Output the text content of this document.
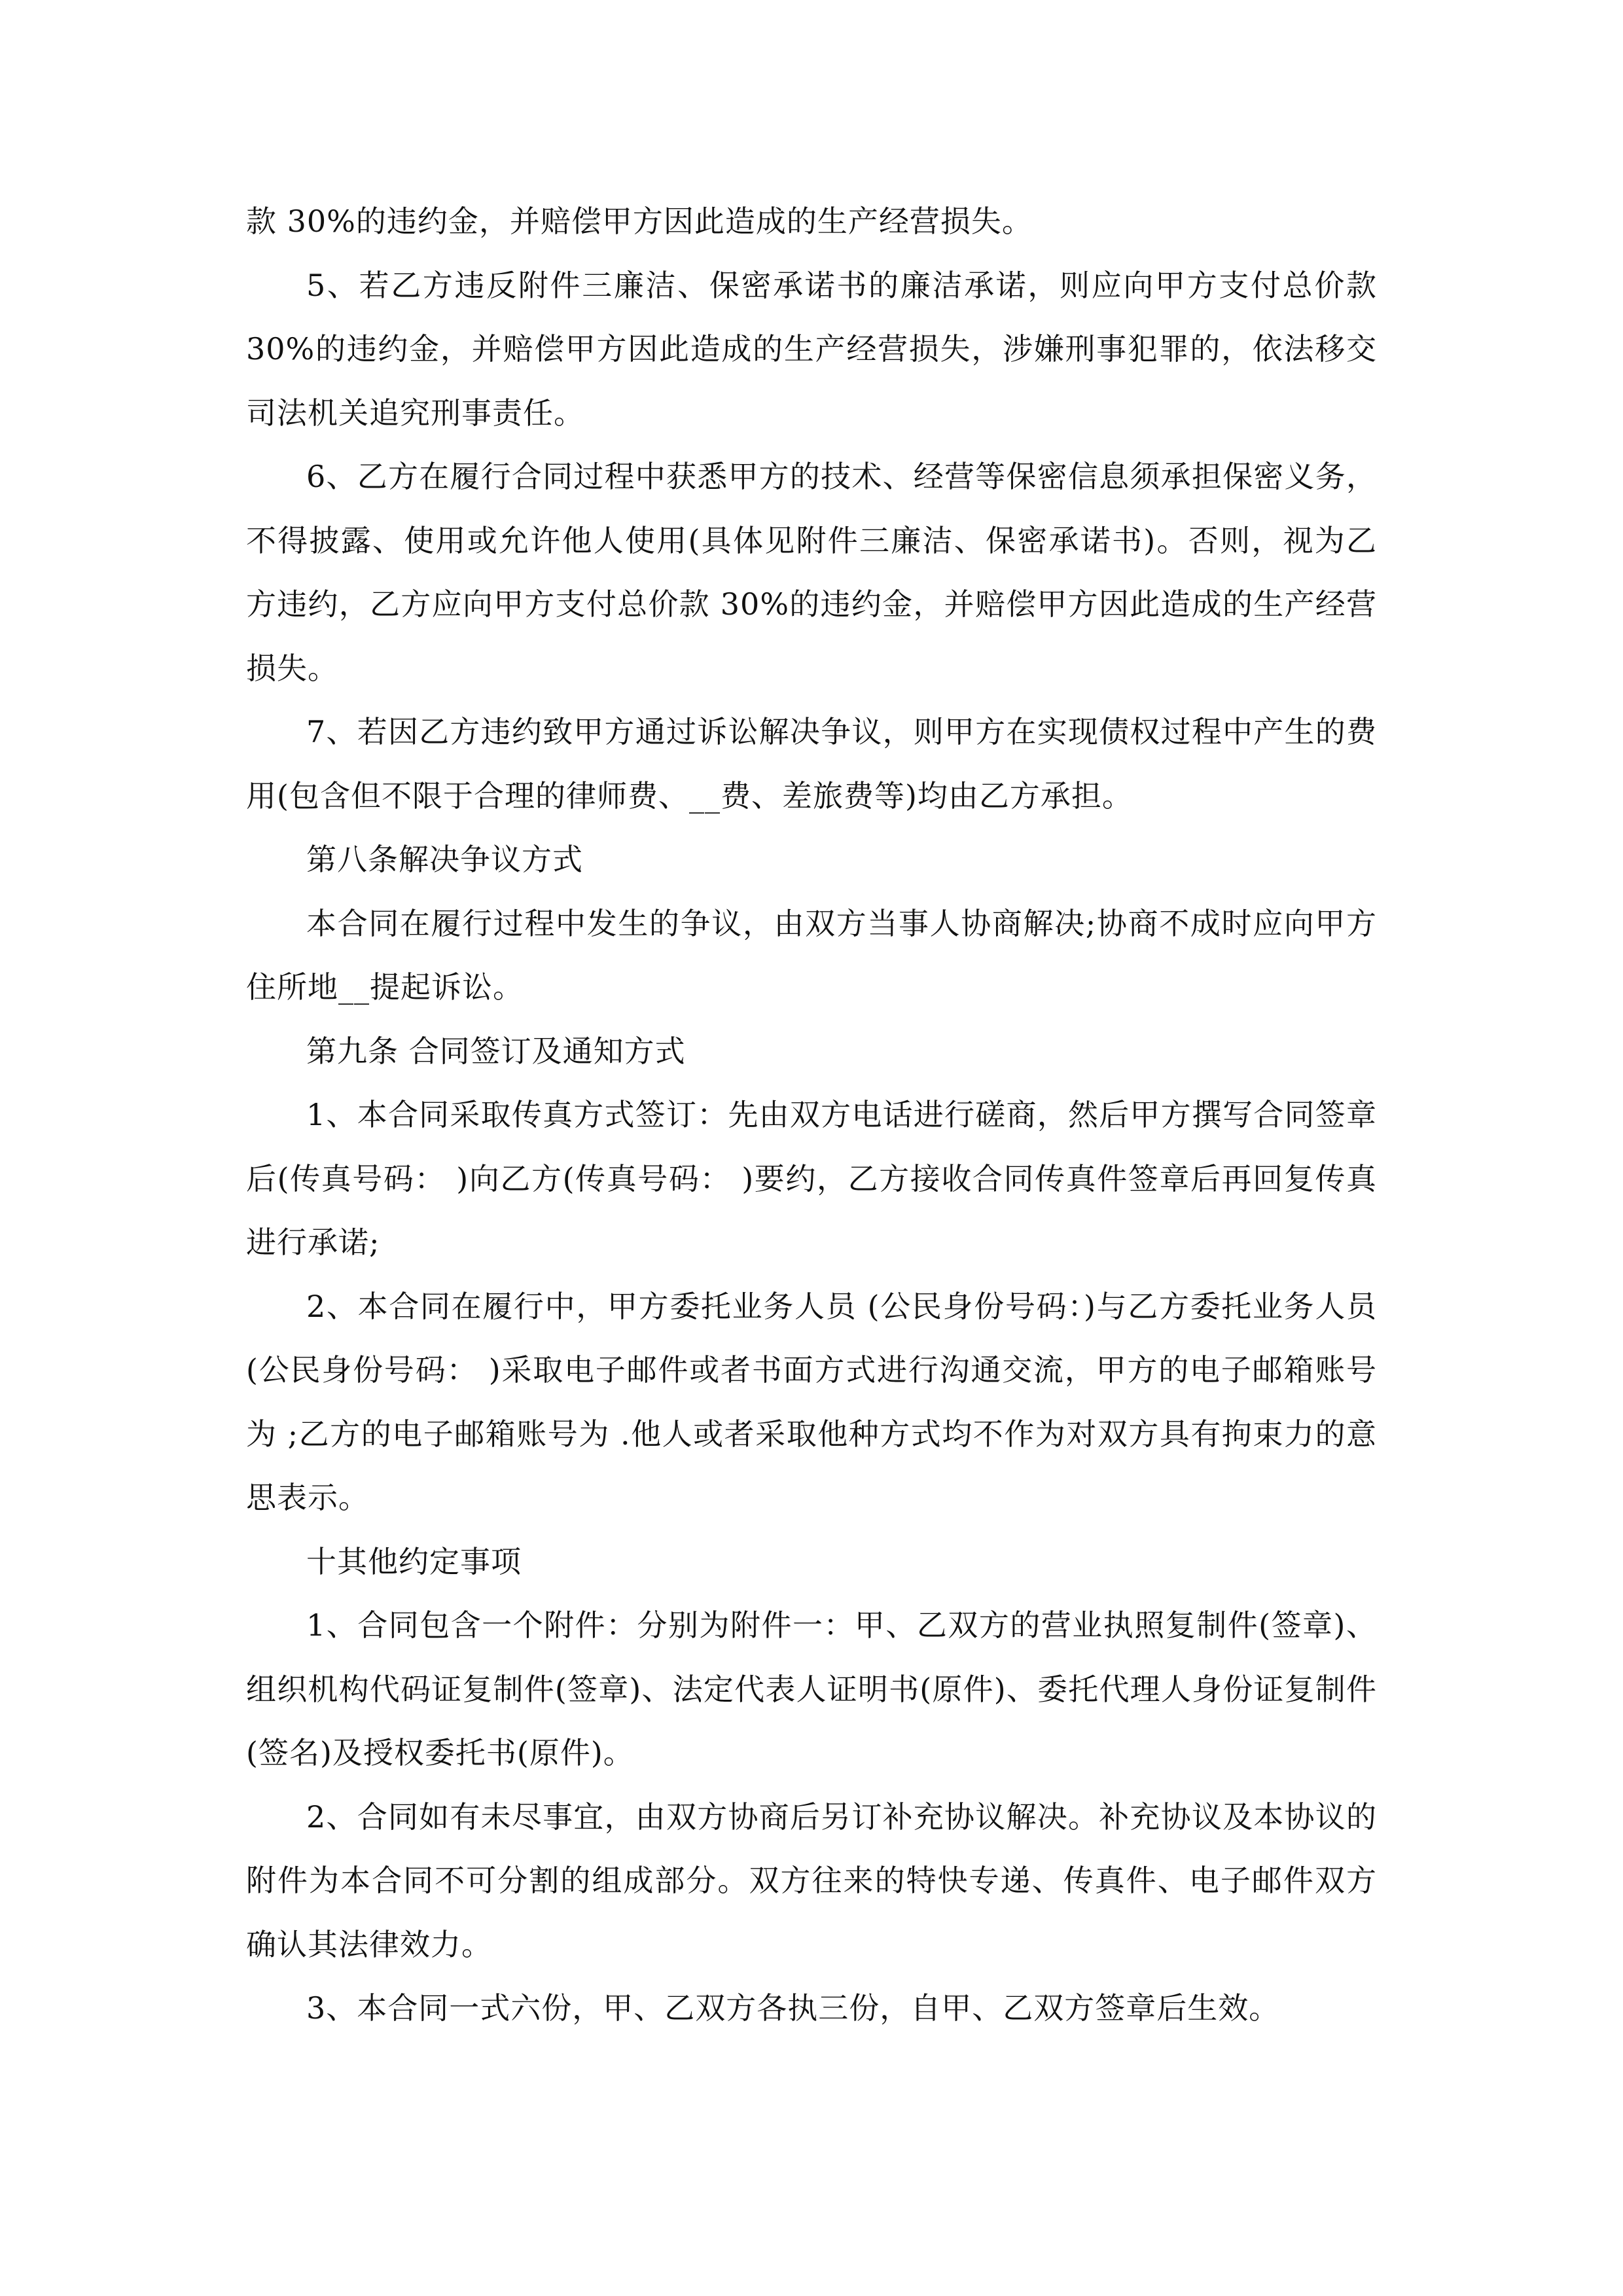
款 30%的违约金，并赔偿甲方因此造成的生产经营损失。

5、若乙方违反附件三廉洁、保密承诺书的廉洁承诺，则应向甲方支付总价款 30%的违约金，并赔偿甲方因此造成的生产经营损失，涉嫌刑事犯罪的，依法移交司法机关追究刑事责任。

6、乙方在履行合同过程中获悉甲方的技术、经营等保密信息须承担保密义务，不得披露、使用或允许他人使用(具体见附件三廉洁、保密承诺书)。否则，视为乙方违约，乙方应向甲方支付总价款 30%的违约金，并赔偿甲方因此造成的生产经营损失。

7、若因乙方违约致甲方通过诉讼解决争议，则甲方在实现债权过程中产生的费用(包含但不限于合理的律师费、__费、差旅费等)均由乙方承担。

第八条解决争议方式

本合同在履行过程中发生的争议，由双方当事人协商解决;协商不成时应向甲方住所地__提起诉讼。

第九条 合同签订及通知方式

1、本合同采取传真方式签订：先由双方电话进行磋商，然后甲方撰写合同签章后(传真号码： )向乙方(传真号码： )要约，乙方接收合同传真件签章后再回复传真进行承诺;

2、本合同在履行中，甲方委托业务人员 (公民身份号码：)与乙方委托业务人员 (公民身份号码： )采取电子邮件或者书面方式进行沟通交流，甲方的电子邮箱账号为 ;乙方的电子邮箱账号为 .他人或者采取他种方式均不作为对双方具有拘束力的意思表示。

十其他约定事项

1、合同包含一个附件：分别为附件一：甲、乙双方的营业执照复制件(签章)、组织机构代码证复制件(签章)、法定代表人证明书(原件)、委托代理人身份证复制件(签名)及授权委托书(原件)。

2、合同如有未尽事宜，由双方协商后另订补充协议解决。补充协议及本协议的附件为本合同不可分割的组成部分。双方往来的特快专递、传真件、电子邮件双方确认其法律效力。

3、本合同一式六份，甲、乙双方各执三份，自甲、乙双方签章后生效。
